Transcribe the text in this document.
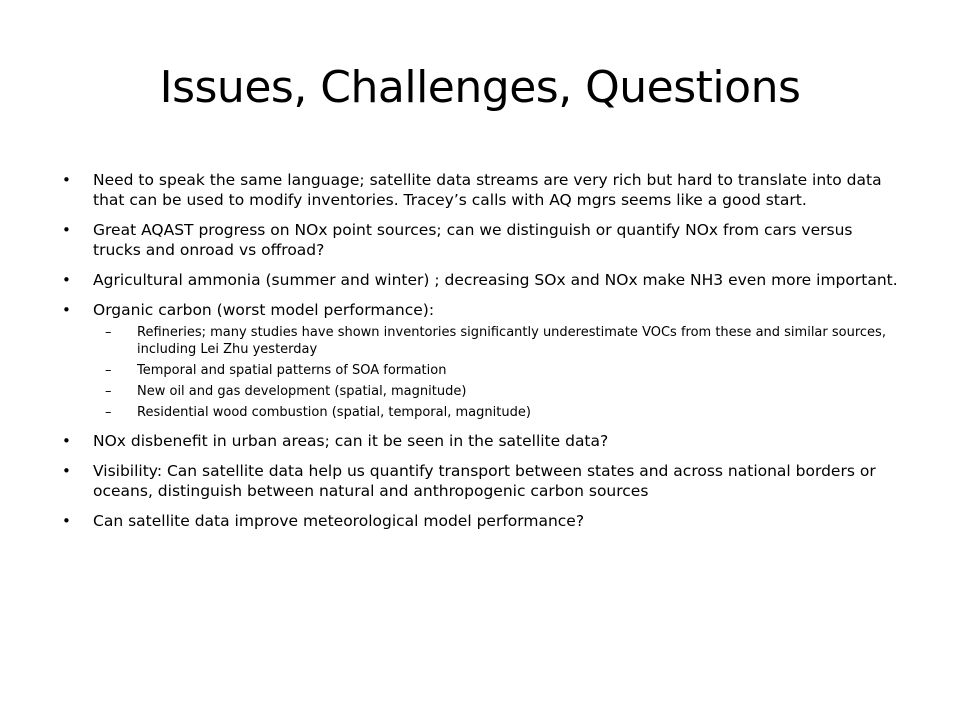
Issues, Challenges, Questions
• Need to speak the same language; satellite data streams are very rich but hard to translate into data that can be used to modify inventories. Tracey’s calls with AQ mgrs seems like a good start.
• Great AQAST progress on NOx point sources; can we distinguish or quantify NOx from cars versus trucks and onroad vs offroad?
• Agricultural ammonia (summer and winter) ; decreasing SOx and NOx make NH3 even more important.
• Organic carbon (worst model performance):
– Refineries; many studies have shown inventories significantly underestimate VOCs from these and similar sources, including Lei Zhu yesterday
– Temporal and spatial patterns of SOA formation
– New oil and gas development (spatial, magnitude)
– Residential wood combustion (spatial, temporal, magnitude)
• NOx disbenefit in urban areas; can it be seen in the satellite data?
• Visibility: Can satellite data help us quantify transport between states and across national borders or oceans, distinguish between natural and anthropogenic carbon sources
• Can satellite data improve meteorological model performance?
